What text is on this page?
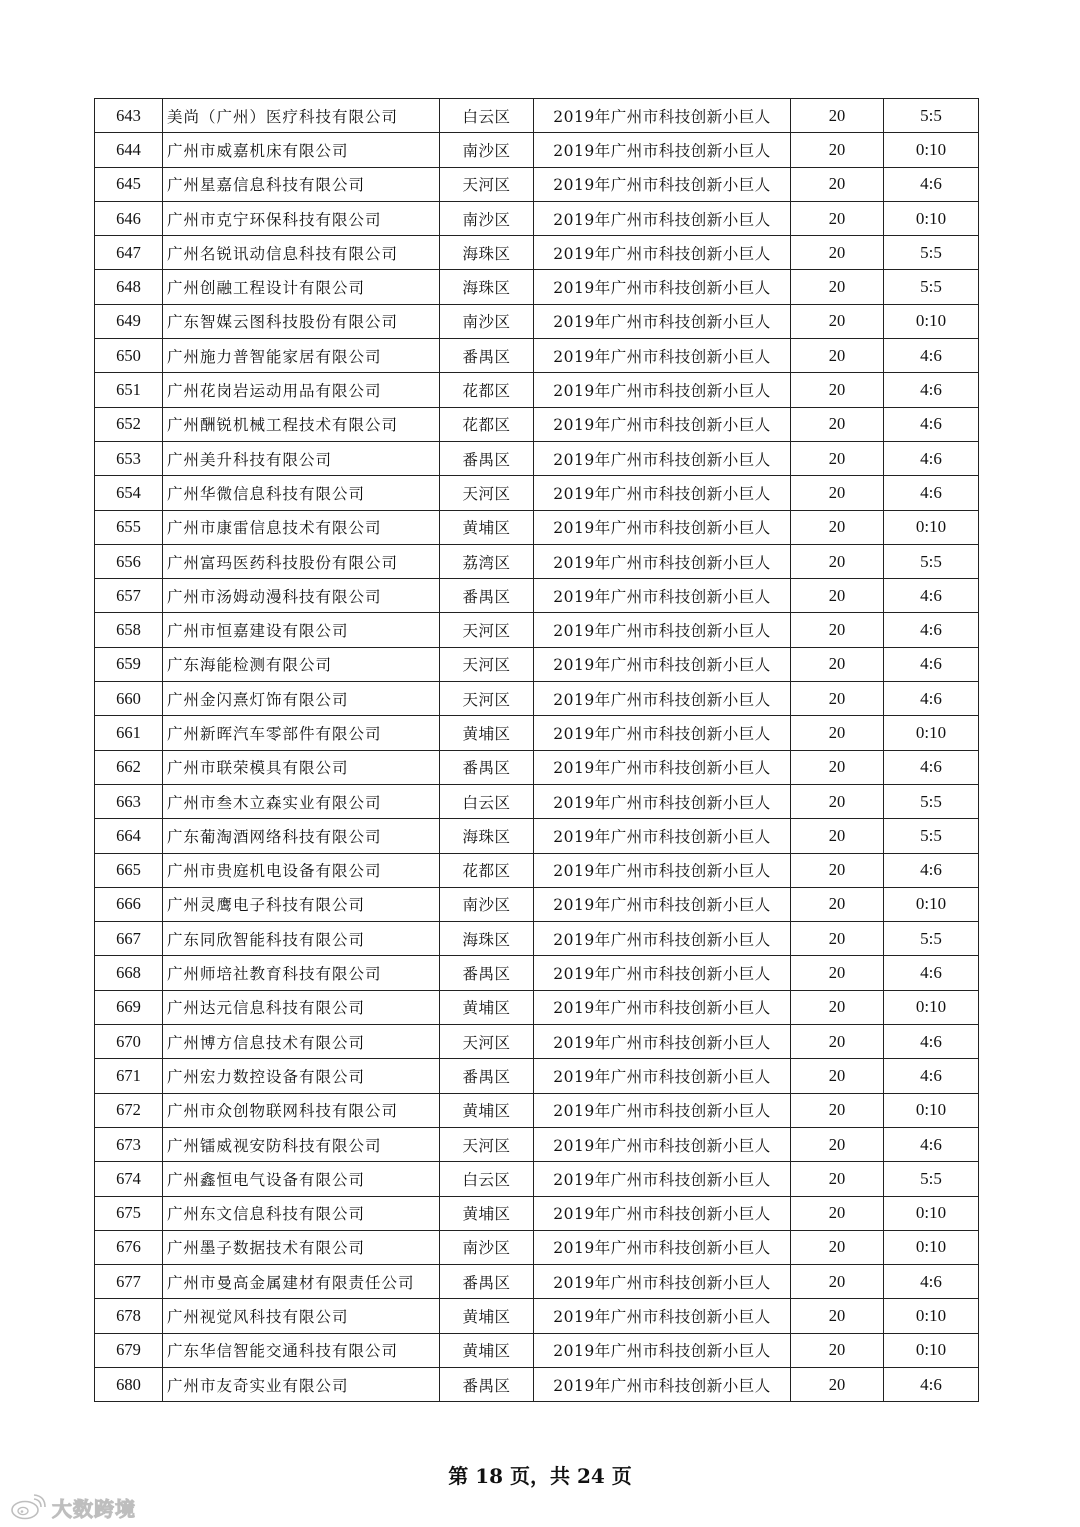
643	美尚（广州）医疗科技有限公司	白云区	2019年广州市科技创新小巨人	20	5:5
644	广州市威嘉机床有限公司	南沙区	2019年广州市科技创新小巨人	20	0:10
645	广州星嘉信息科技有限公司	天河区	2019年广州市科技创新小巨人	20	4:6
646	广州市克宁环保科技有限公司	南沙区	2019年广州市科技创新小巨人	20	0:10
647	广州名锐讯动信息科技有限公司	海珠区	2019年广州市科技创新小巨人	20	5:5
648	广州创融工程设计有限公司	海珠区	2019年广州市科技创新小巨人	20	5:5
649	广东智媒云图科技股份有限公司	南沙区	2019年广州市科技创新小巨人	20	0:10
650	广州施力普智能家居有限公司	番禺区	2019年广州市科技创新小巨人	20	4:6
651	广州花岗岩运动用品有限公司	花都区	2019年广州市科技创新小巨人	20	4:6
652	广州酬锐机械工程技术有限公司	花都区	2019年广州市科技创新小巨人	20	4:6
653	广州美升科技有限公司	番禺区	2019年广州市科技创新小巨人	20	4:6
654	广州华微信息科技有限公司	天河区	2019年广州市科技创新小巨人	20	4:6
655	广州市康雷信息技术有限公司	黄埔区	2019年广州市科技创新小巨人	20	0:10
656	广州富玛医药科技股份有限公司	荔湾区	2019年广州市科技创新小巨人	20	5:5
657	广州市汤姆动漫科技有限公司	番禺区	2019年广州市科技创新小巨人	20	4:6
658	广州市恒嘉建设有限公司	天河区	2019年广州市科技创新小巨人	20	4:6
659	广东海能检测有限公司	天河区	2019年广州市科技创新小巨人	20	4:6
660	广州金闪熹灯饰有限公司	天河区	2019年广州市科技创新小巨人	20	4:6
661	广州新晖汽车零部件有限公司	黄埔区	2019年广州市科技创新小巨人	20	0:10
662	广州市联荣模具有限公司	番禺区	2019年广州市科技创新小巨人	20	4:6
663	广州市叁木立森实业有限公司	白云区	2019年广州市科技创新小巨人	20	5:5
664	广东葡淘酒网络科技有限公司	海珠区	2019年广州市科技创新小巨人	20	5:5
665	广州市贵庭机电设备有限公司	花都区	2019年广州市科技创新小巨人	20	4:6
666	广州灵鹰电子科技有限公司	南沙区	2019年广州市科技创新小巨人	20	0:10
667	广东同欣智能科技有限公司	海珠区	2019年广州市科技创新小巨人	20	5:5
668	广州师培社教育科技有限公司	番禺区	2019年广州市科技创新小巨人	20	4:6
669	广州达元信息科技有限公司	黄埔区	2019年广州市科技创新小巨人	20	0:10
670	广州博方信息技术有限公司	天河区	2019年广州市科技创新小巨人	20	4:6
671	广州宏力数控设备有限公司	番禺区	2019年广州市科技创新小巨人	20	4:6
672	广州市众创物联网科技有限公司	黄埔区	2019年广州市科技创新小巨人	20	0:10
673	广州镭威视安防科技有限公司	天河区	2019年广州市科技创新小巨人	20	4:6
674	广州鑫恒电气设备有限公司	白云区	2019年广州市科技创新小巨人	20	5:5
675	广州东文信息科技有限公司	黄埔区	2019年广州市科技创新小巨人	20	0:10
676	广州墨子数据技术有限公司	南沙区	2019年广州市科技创新小巨人	20	0:10
677	广州市曼高金属建材有限责任公司	番禺区	2019年广州市科技创新小巨人	20	4:6
678	广州视觉风科技有限公司	黄埔区	2019年广州市科技创新小巨人	20	0:10
679	广东华信智能交通科技有限公司	黄埔区	2019年广州市科技创新小巨人	20	0:10
680	广州市友奇实业有限公司	番禺区	2019年广州市科技创新小巨人	20	4:6
第 18 页，共 24 页
大数跨境
